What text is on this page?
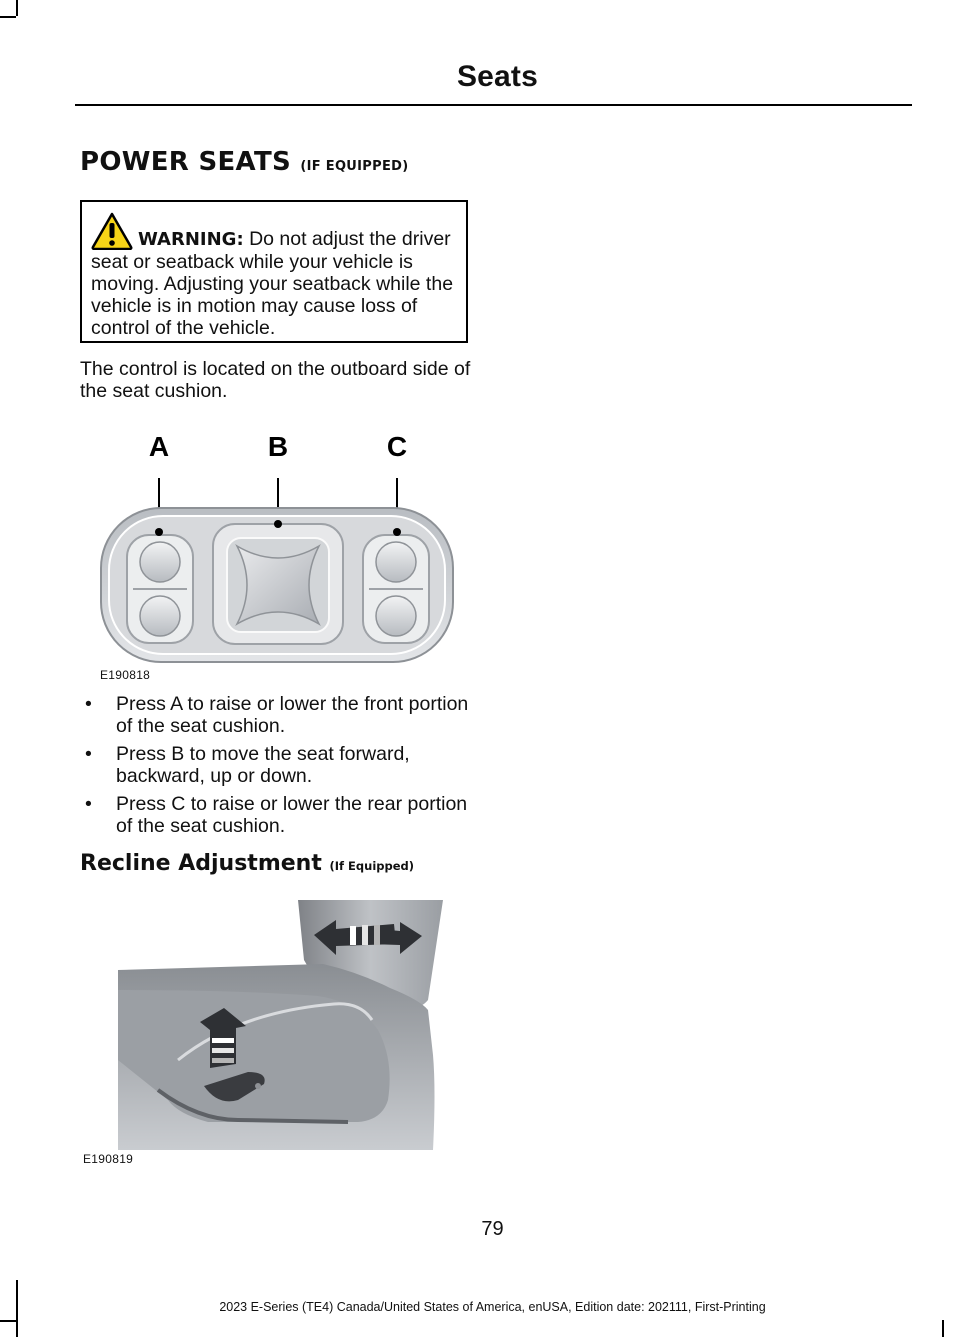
Seats
POWER SEATS (IF EQUIPPED)
WARNING: Do not adjust the driver seat or seatback while your vehicle is moving. Adjusting your seatback while the vehicle is in motion may cause loss of control of the vehicle.
The control is located on the outboard side of the seat cushion.
A	B	C
E190818
• Press A to raise or lower the front portion of the seat cushion.
• Press B to move the seat forward, backward, up or down.
• Press C to raise or lower the rear portion of the seat cushion.
Recline Adjustment (If Equipped)
E190819
79
2023 E-Series (TE4) Canada/United States of America, enUSA, Edition date: 202111, First-Printing
